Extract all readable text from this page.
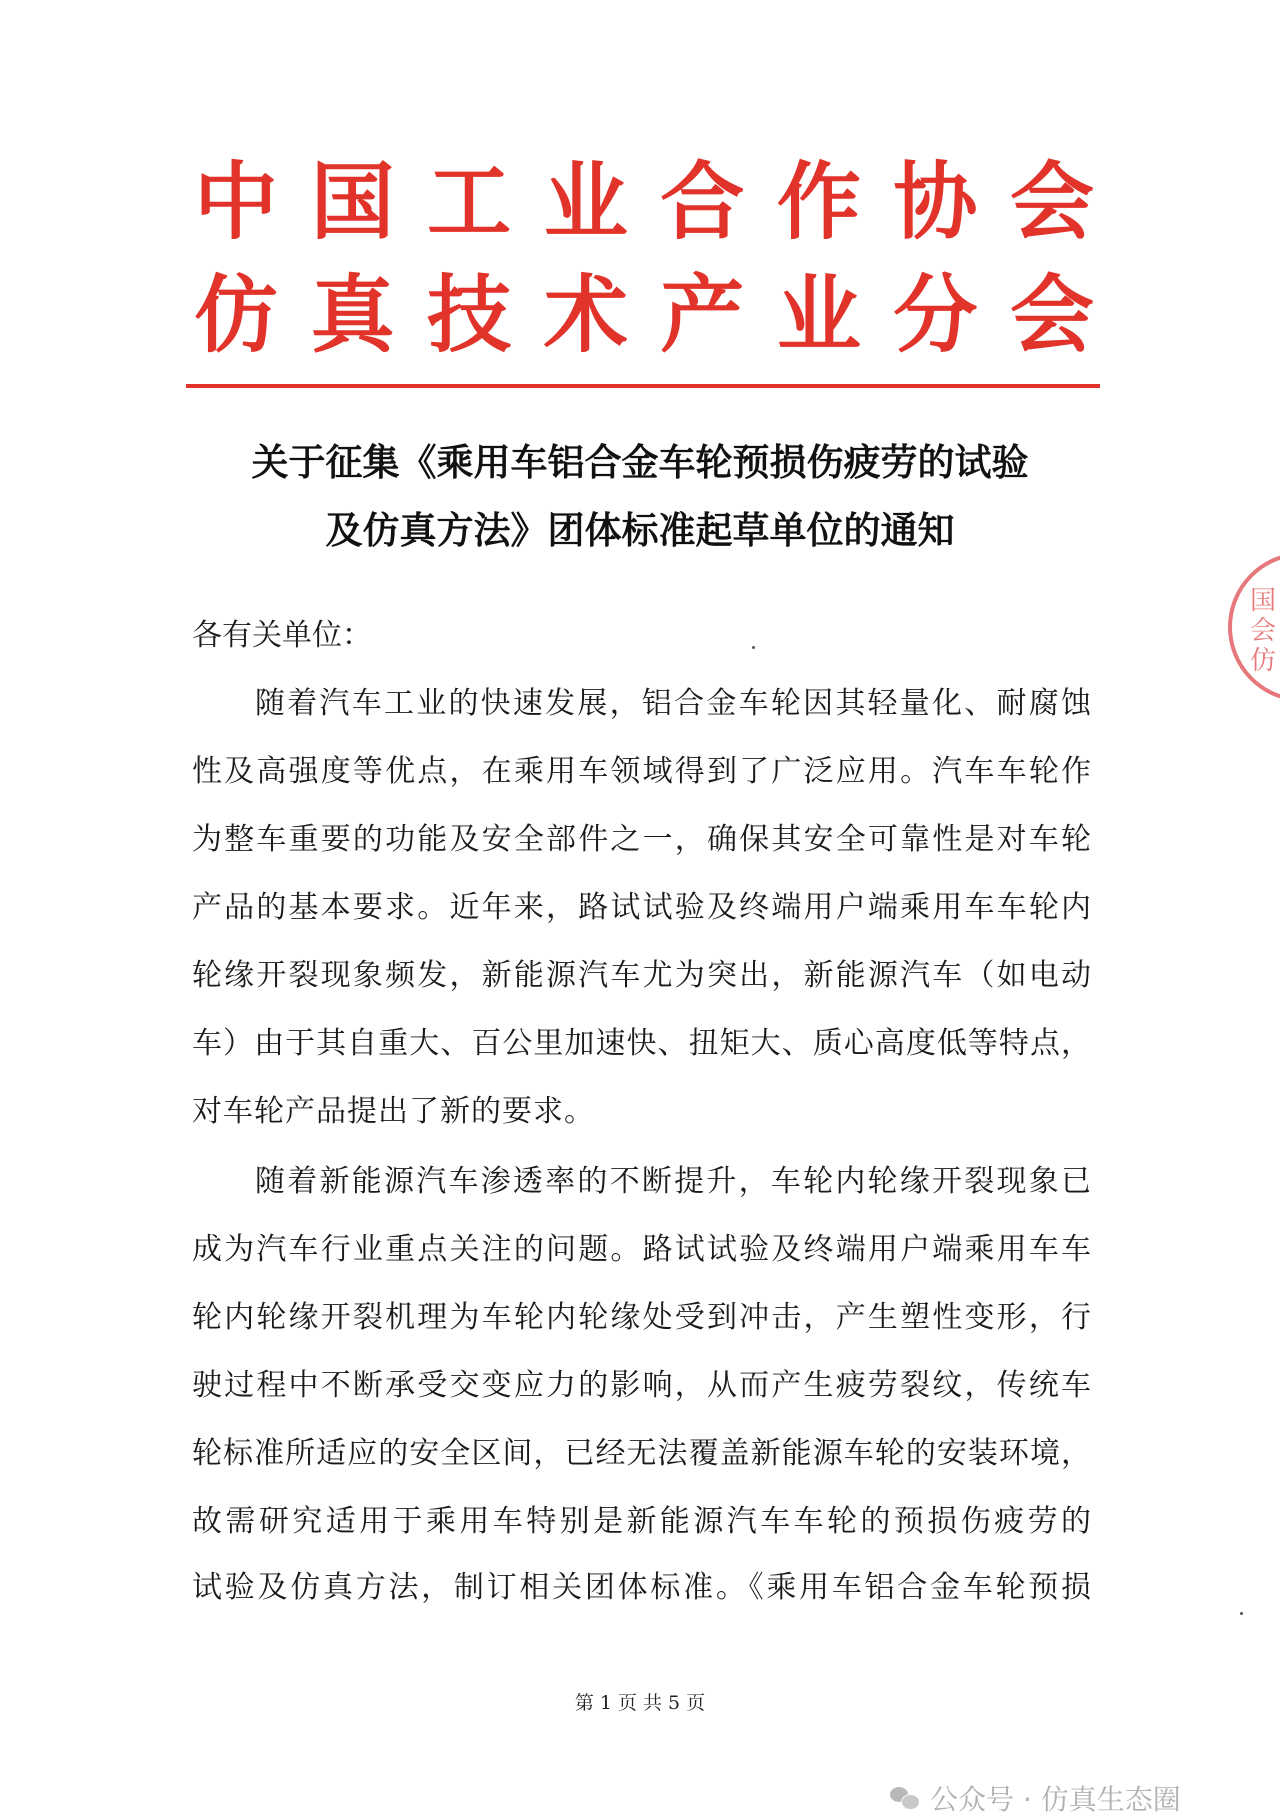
中国工业合作协会
仿真技术产业分会
关于征集《乘用车铝合金车轮预损伤疲劳的试验
及仿真方法》团体标准起草单位的通知
各有关单位：
随着汽车工业的快速发展，铝合金车轮因其轻量化、耐腐蚀
性及高强度等优点，在乘用车领域得到了广泛应用。汽车车轮作
为整车重要的功能及安全部件之一，确保其安全可靠性是对车轮
产品的基本要求。近年来，路试试验及终端用户端乘用车车轮内
轮缘开裂现象频发，新能源汽车尤为突出，新能源汽车（如电动
车）由于其自重大、百公里加速快、扭矩大、质心高度低等特点，
对车轮产品提出了新的要求。
随着新能源汽车渗透率的不断提升，车轮内轮缘开裂现象已
成为汽车行业重点关注的问题。路试试验及终端用户端乘用车车
轮内轮缘开裂机理为车轮内轮缘处受到冲击，产生塑性变形，行
驶过程中不断承受交变应力的影响，从而产生疲劳裂纹，传统车
轮标准所适应的安全区间，已经无法覆盖新能源车轮的安装环境，
故需研究适用于乘用车特别是新能源汽车车轮的预损伤疲劳的
试验及仿真方法，制订相关团体标准。《乘用车铝合金车轮预损
第 1 页 共 5 页
国 会 仿
公众号 · 仿真生态圈
